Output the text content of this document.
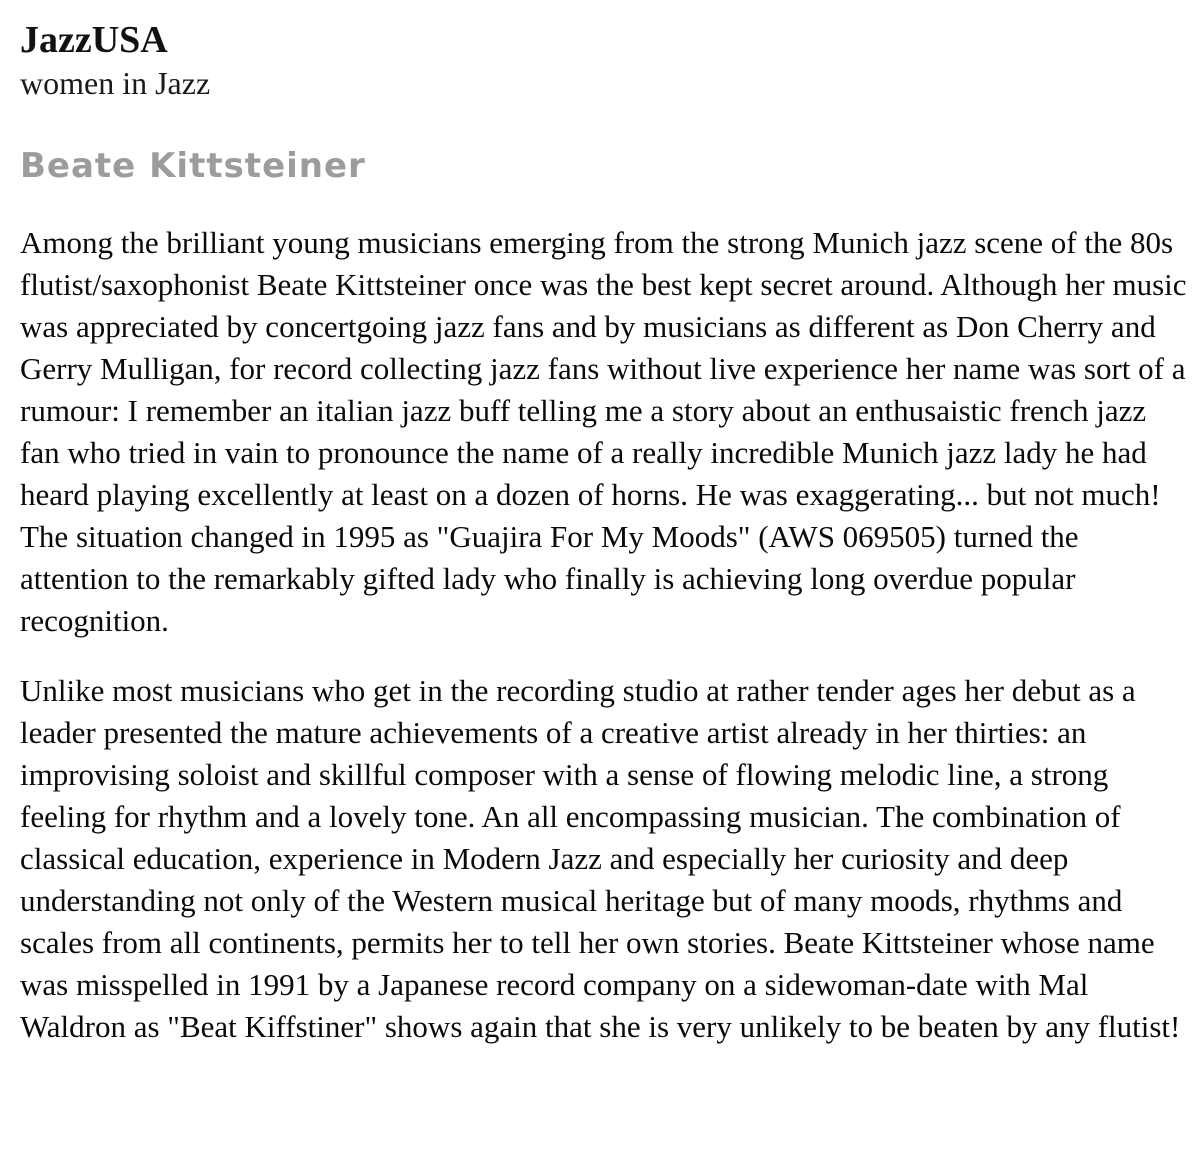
JazzUSA
women in Jazz
Beate Kittsteiner

Among the brilliant young musicians emerging from the strong Munich jazz scene of the 80s flutist/saxophonist Beate Kittsteiner once was the best kept secret around. Although her music was appreciated by concertgoing jazz fans and by musicians as different as Don Cherry and Gerry Mulligan, for record collecting jazz fans without live experience her name was sort of a rumour: I remember an italian jazz buff telling me a story about an enthusaistic french jazz fan who tried in vain to pronounce the name of a really incredible Munich jazz lady he had heard playing excellently at least on a dozen of horns. He was exaggerating... but not much! The situation changed in 1995 as "Guajira For My Moods" (AWS 069505) turned the attention to the remarkably gifted lady who finally is achieving long overdue popular recognition.

Unlike most musicians who get in the recording studio at rather tender ages her debut as a leader presented the mature achievements of a creative artist already in her thirties: an improvising soloist and skillful composer with a sense of flowing melodic line, a strong feeling for rhythm and a lovely tone. An all encompassing musician. The combination of classical education, experience in Modern Jazz and especially her curiosity and deep understanding not only of the Western musical heritage but of many moods, rhythms and scales from all continents, permits her to tell her own stories. Beate Kittsteiner whose name was misspelled in 1991 by a Japanese record company on a sidewoman-date with Mal Waldron as "Beat Kiffstiner" shows again that she is very unlikely to be beaten by any flutist!
